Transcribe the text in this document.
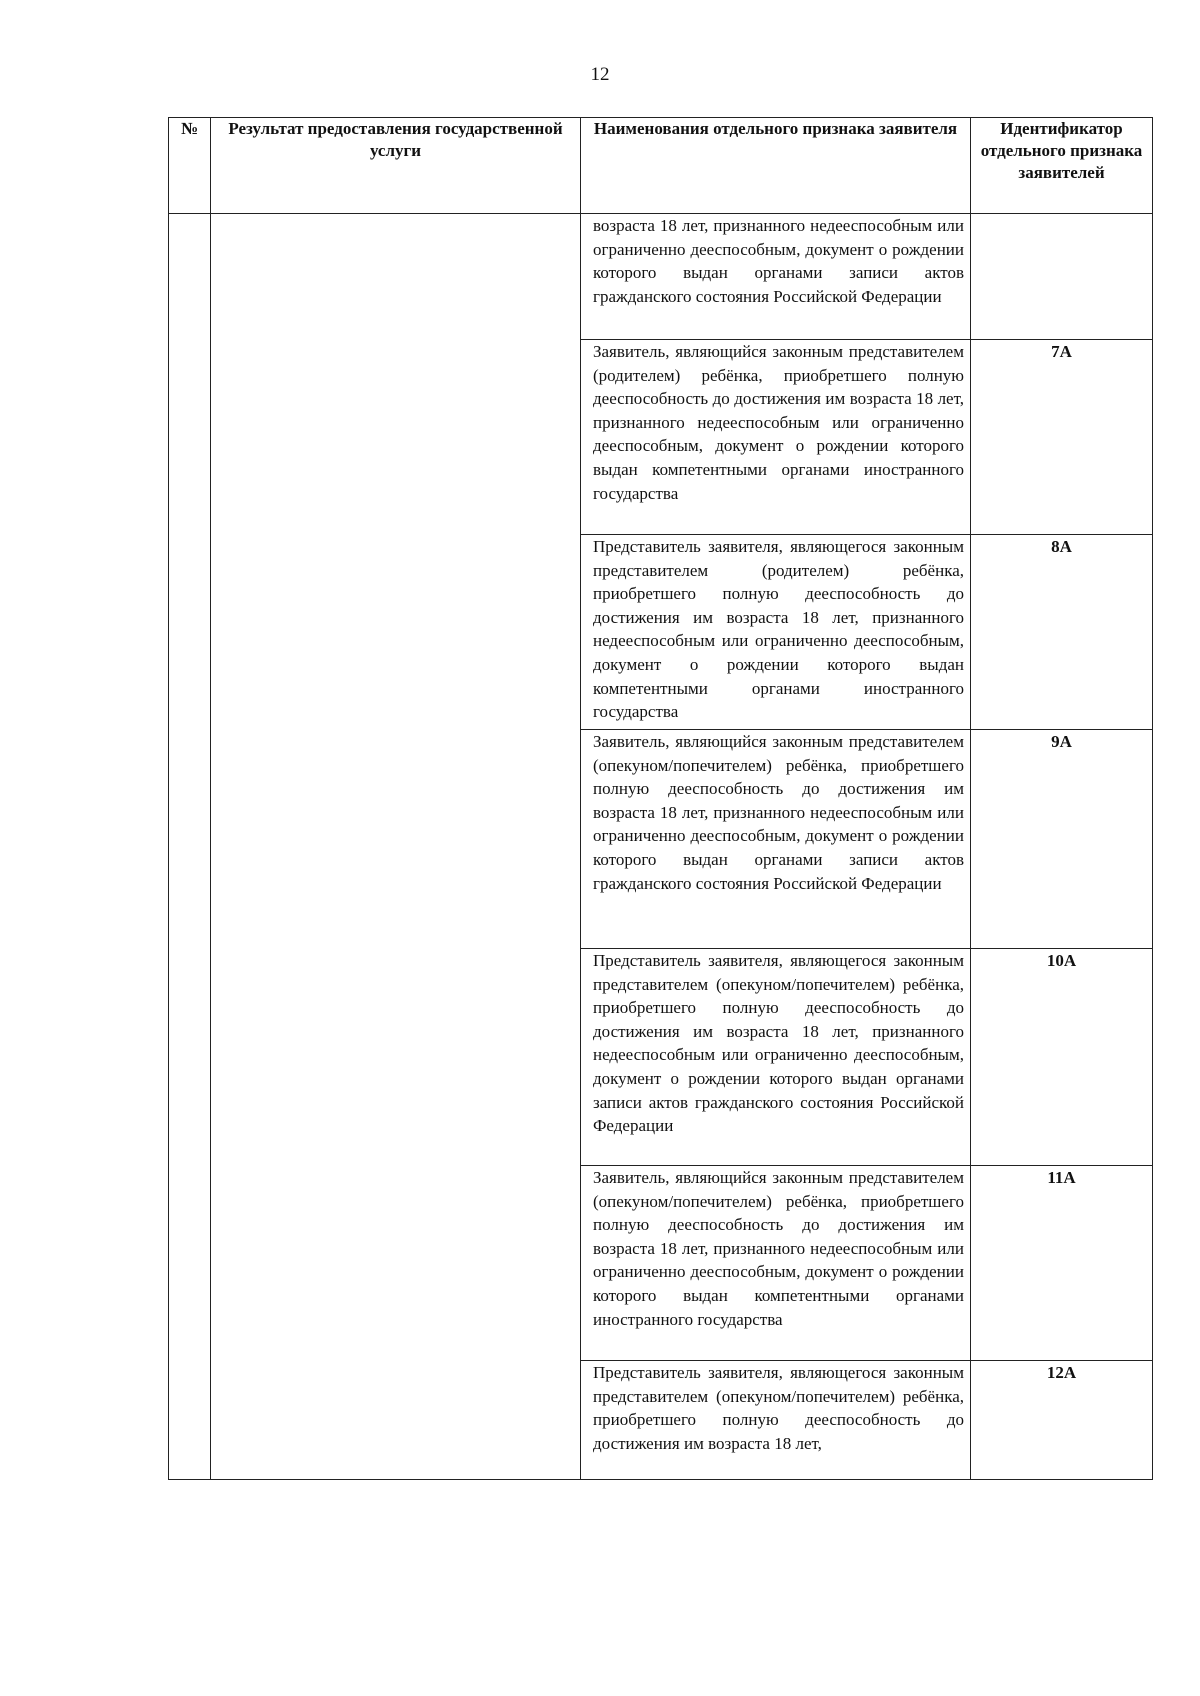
12
№	Результат предоставления государственной услуги	Наименования отдельного признака заявителя	Идентификатор отдельного признака заявителей
		возраста 18 лет, признанного недееспособным или ограниченно дееспособным, документ о рождении которого выдан органами записи актов гражданского состояния Российской Федерации	
		Заявитель, являющийся законным представителем (родителем) ребёнка, приобретшего полную дееспособность до достижения им возраста 18 лет, признанного недееспособным или ограниченно дееспособным, документ о рождении которого выдан компетентными органами иностранного государства	7А
		Представитель заявителя, являющегося законным представителем (родителем) ребёнка, приобретшего полную дееспособность до достижения им возраста 18 лет, признанного недееспособным или ограниченно дееспособным, документ о рождении которого выдан компетентными органами иностранного государства	8А
		Заявитель, являющийся законным представителем (опекуном/попечителем) ребёнка, приобретшего полную дееспособность до достижения им возраста 18 лет, признанного недееспособным или ограниченно дееспособным, документ о рождении которого выдан органами записи актов гражданского состояния Российской Федерации	9А
		Представитель заявителя, являющегося законным представителем (опекуном/попечителем) ребёнка, приобретшего полную дееспособность до достижения им возраста 18 лет, признанного недееспособным или ограниченно дееспособным, документ о рождении которого выдан органами записи актов гражданского состояния Российской Федерации	10А
		Заявитель, являющийся законным представителем (опекуном/попечителем) ребёнка, приобретшего полную дееспособность до достижения им возраста 18 лет, признанного недееспособным или ограниченно дееспособным, документ о рождении которого выдан компетентными органами иностранного государства	11А
		Представитель заявителя, являющегося законным представителем (опекуном/попечителем) ребёнка, приобретшего полную дееспособность до достижения им возраста 18 лет,	12А
